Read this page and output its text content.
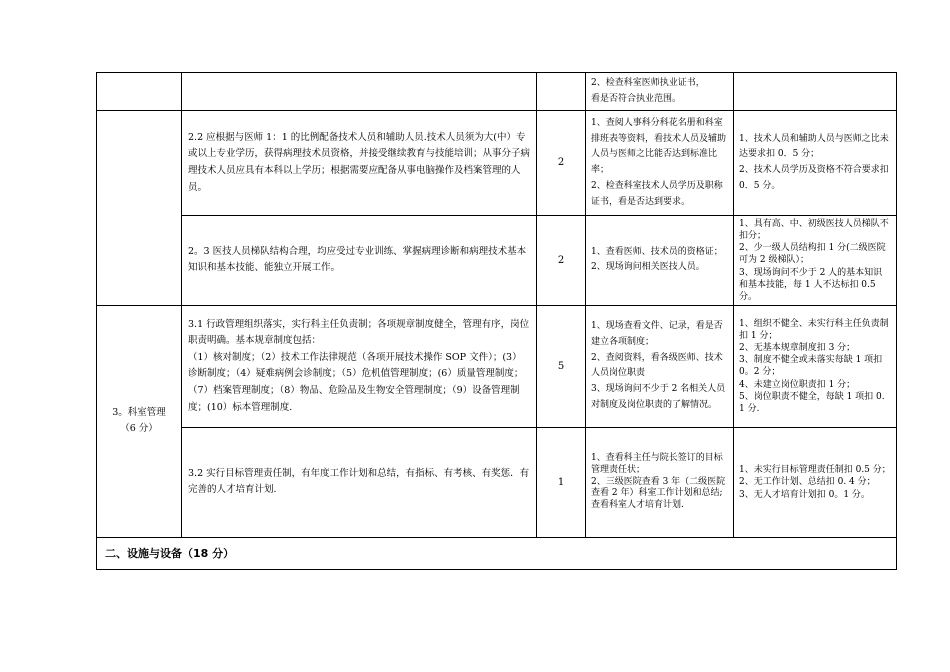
			2、检查科室医师执业证书，
看是否符合执业范围。	

	2.2 应根据与医师 1：1 的比例配备技术人员和辅助人员.技术人员须为大(中）专或以上专业学历，获得病理技术员资格，并接受继续教育与技能培训；从事分子病理技术人员应具有本科以上学历；根据需要应配备从事电脑操作及档案管理的人员。	2	1、查阅人事科分科花名册和科室排班表等资料，看技术人员及辅助人员与医师之比能否达到标准比率；
2、检查科室技术人员学历及职称证书，看是否达到要求。	1、技术人员和辅助人员与医师之比未达要求扣 0．5 分；
2、技术人员学历及资格不符合要求扣 0．5 分。

	2。3 医技人员梯队结构合理，均应受过专业训练、掌握病理诊断和病理技术基本知识和基本技能、能独立开展工作。	2	1、查看医师、技术员的资格证；
2、现场询问相关医技人员。	1、具有高、中、初级医技人员梯队不扣分；
2、少一级人员结构扣 1 分(二级医院可为 2 级梯队）；
3、现场询问不少于 2 人的基本知识和基本技能，每 1 人不达标扣 0.5 分。

3。科室管理
（6 分）	3.1 行政管理组织落实，实行科主任负责制；各项规章制度健全，管理有序，岗位职责明确。基本规章制度包括：
（1）核对制度；（2）技术工作法律规范（各项开展技术操作 SOP 文件）；(3）诊断制度；（4）疑难病例会诊制度；（5）危机值管理制度；(6）质量管理制度；（7）档案管理制度；（8）物品、危险品及生物安全管理制度；（9）设备管理制度；(10）标本管理制度.	5	1、现场查看文件、记录，看是否建立各项制度；
2、查阅资料，看各级医师、技术人员岗位职责
3、现场询问不少于 2 名相关人员对制度及岗位职责的了解情况。	1、组织不健全、未实行科主任负责制扣 1 分；
2、无基本规章制度扣 3 分；
3、制度不健全或未落实每缺 1 项扣 0。2 分；
4、未建立岗位职责扣 1 分；
5、岗位职责不健全，每缺 1 项扣 0. 1 分.

	3.2 实行目标管理责任制，有年度工作计划和总结，有指标、有考核、有奖惩．有完善的人才培育计划.	1	1、查看科主任与院长签订的目标管理责任状；
2、三级医院查看 3 年（二级医院查看 2 年）科室工作计划和总结;查看科室人才培育计划.	1、未实行目标管理责任制扣 0.5 分；
2、无工作计划、总结扣 0. 4 分；
3、无人才培育计划扣 0。1 分。

二、设施与设备（18 分）				
